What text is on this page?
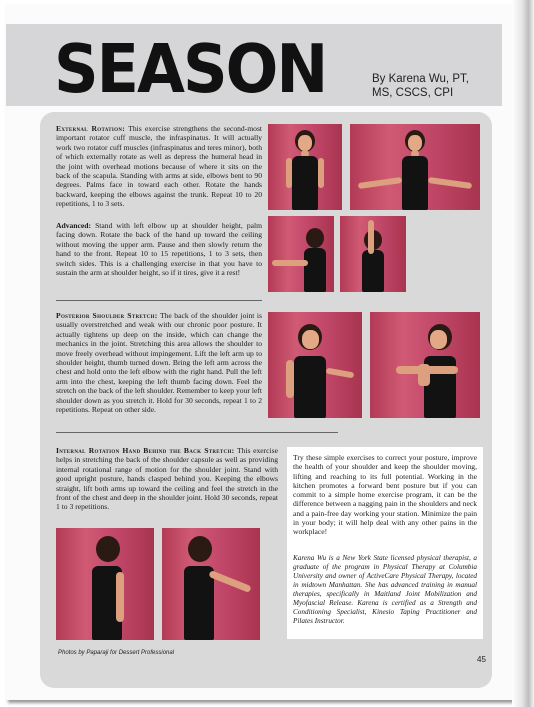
SEASON	By Karena Wu, PT,
MS, CSCS, CPI
External Rotation: This exercise strengthens the second-most important rotator cuff muscle, the infraspinatus. It will actually work two rotator cuff muscles (infraspinatus and teres minor), both of which externally rotate as well as depress the humeral head in the joint with overhead motions because of where it sits on the back of the scapula. Standing with arms at side, elbows bent to 90 degrees. Palms face in toward each other. Rotate the hands backward, keeping the elbows against the trunk. Repeat 10 to 20 repetitions, 1 to 3 sets.
Advanced: Stand with left elbow up at shoulder height, palm facing down. Rotate the back of the hand up toward the ceiling without moving the upper arm. Pause and then slowly return the hand to the front. Repeat 10 to 15 repetitions, 1 to 3 sets, then switch sides. This is a challenging exercise in that you have to sustain the arm at shoulder height, so if it tires, give it a rest!
Posterior Shoulder Stretch: The back of the shoulder joint is usually overstretched and weak with our chronic poor posture. It actually tightens up deep on the inside, which can change the mechanics in the joint. Stretching this area allows the shoulder to move freely overhead without impingement. Lift the left arm up to shoulder height, thumb turned down. Bring the left arm across the chest and hold onto the left elbow with the right hand. Pull the left arm into the chest, keeping the left thumb facing down. Feel the stretch on the back of the left shoulder. Remember to keep your left shoulder down as you stretch it. Hold for 30 seconds, repeat 1 to 2 repetitions. Repeat on other side.
Internal Rotation Hand Behind the Back Stretch: This exercise helps in stretching the back of the shoulder capsule as well as providing internal rotational range of motion for the shoulder joint. Stand with good upright posture, hands clasped behind you. Keeping the elbows straight, lift both arms up toward the ceiling and feel the stretch in the front of the chest and deep in the shoulder joint. Hold 30 seconds, repeat 1 to 3 repetitions.
Try these simple exercises to correct your posture, improve the health of your shoulder and keep the shoulder moving, lifting and reaching to its full potential. Working in the kitchen promotes a forward bent posture but if you can commit to a simple home exercise program, it can be the difference between a nagging pain in the shoulders and neck and a pain-free day working your station. Minimize the pain in your body; it will help deal with any other pains in the workplace!
Karena Wu is a New York State licensed physical therapist, a graduate of the program in Physical Therapy at Columbia University and owner of ActiveCare Physical Therapy, located in midtown Manhattan. She has advanced training in manual therapies, specifically in Maitland Joint Mobilization and Myofascial Release. Karena is certified as a Strength and Conditioning Specialist, Kinesio Taping Practitioner and Pilates Instructor.
Photos by Paparaji for Dessert Professional
45
